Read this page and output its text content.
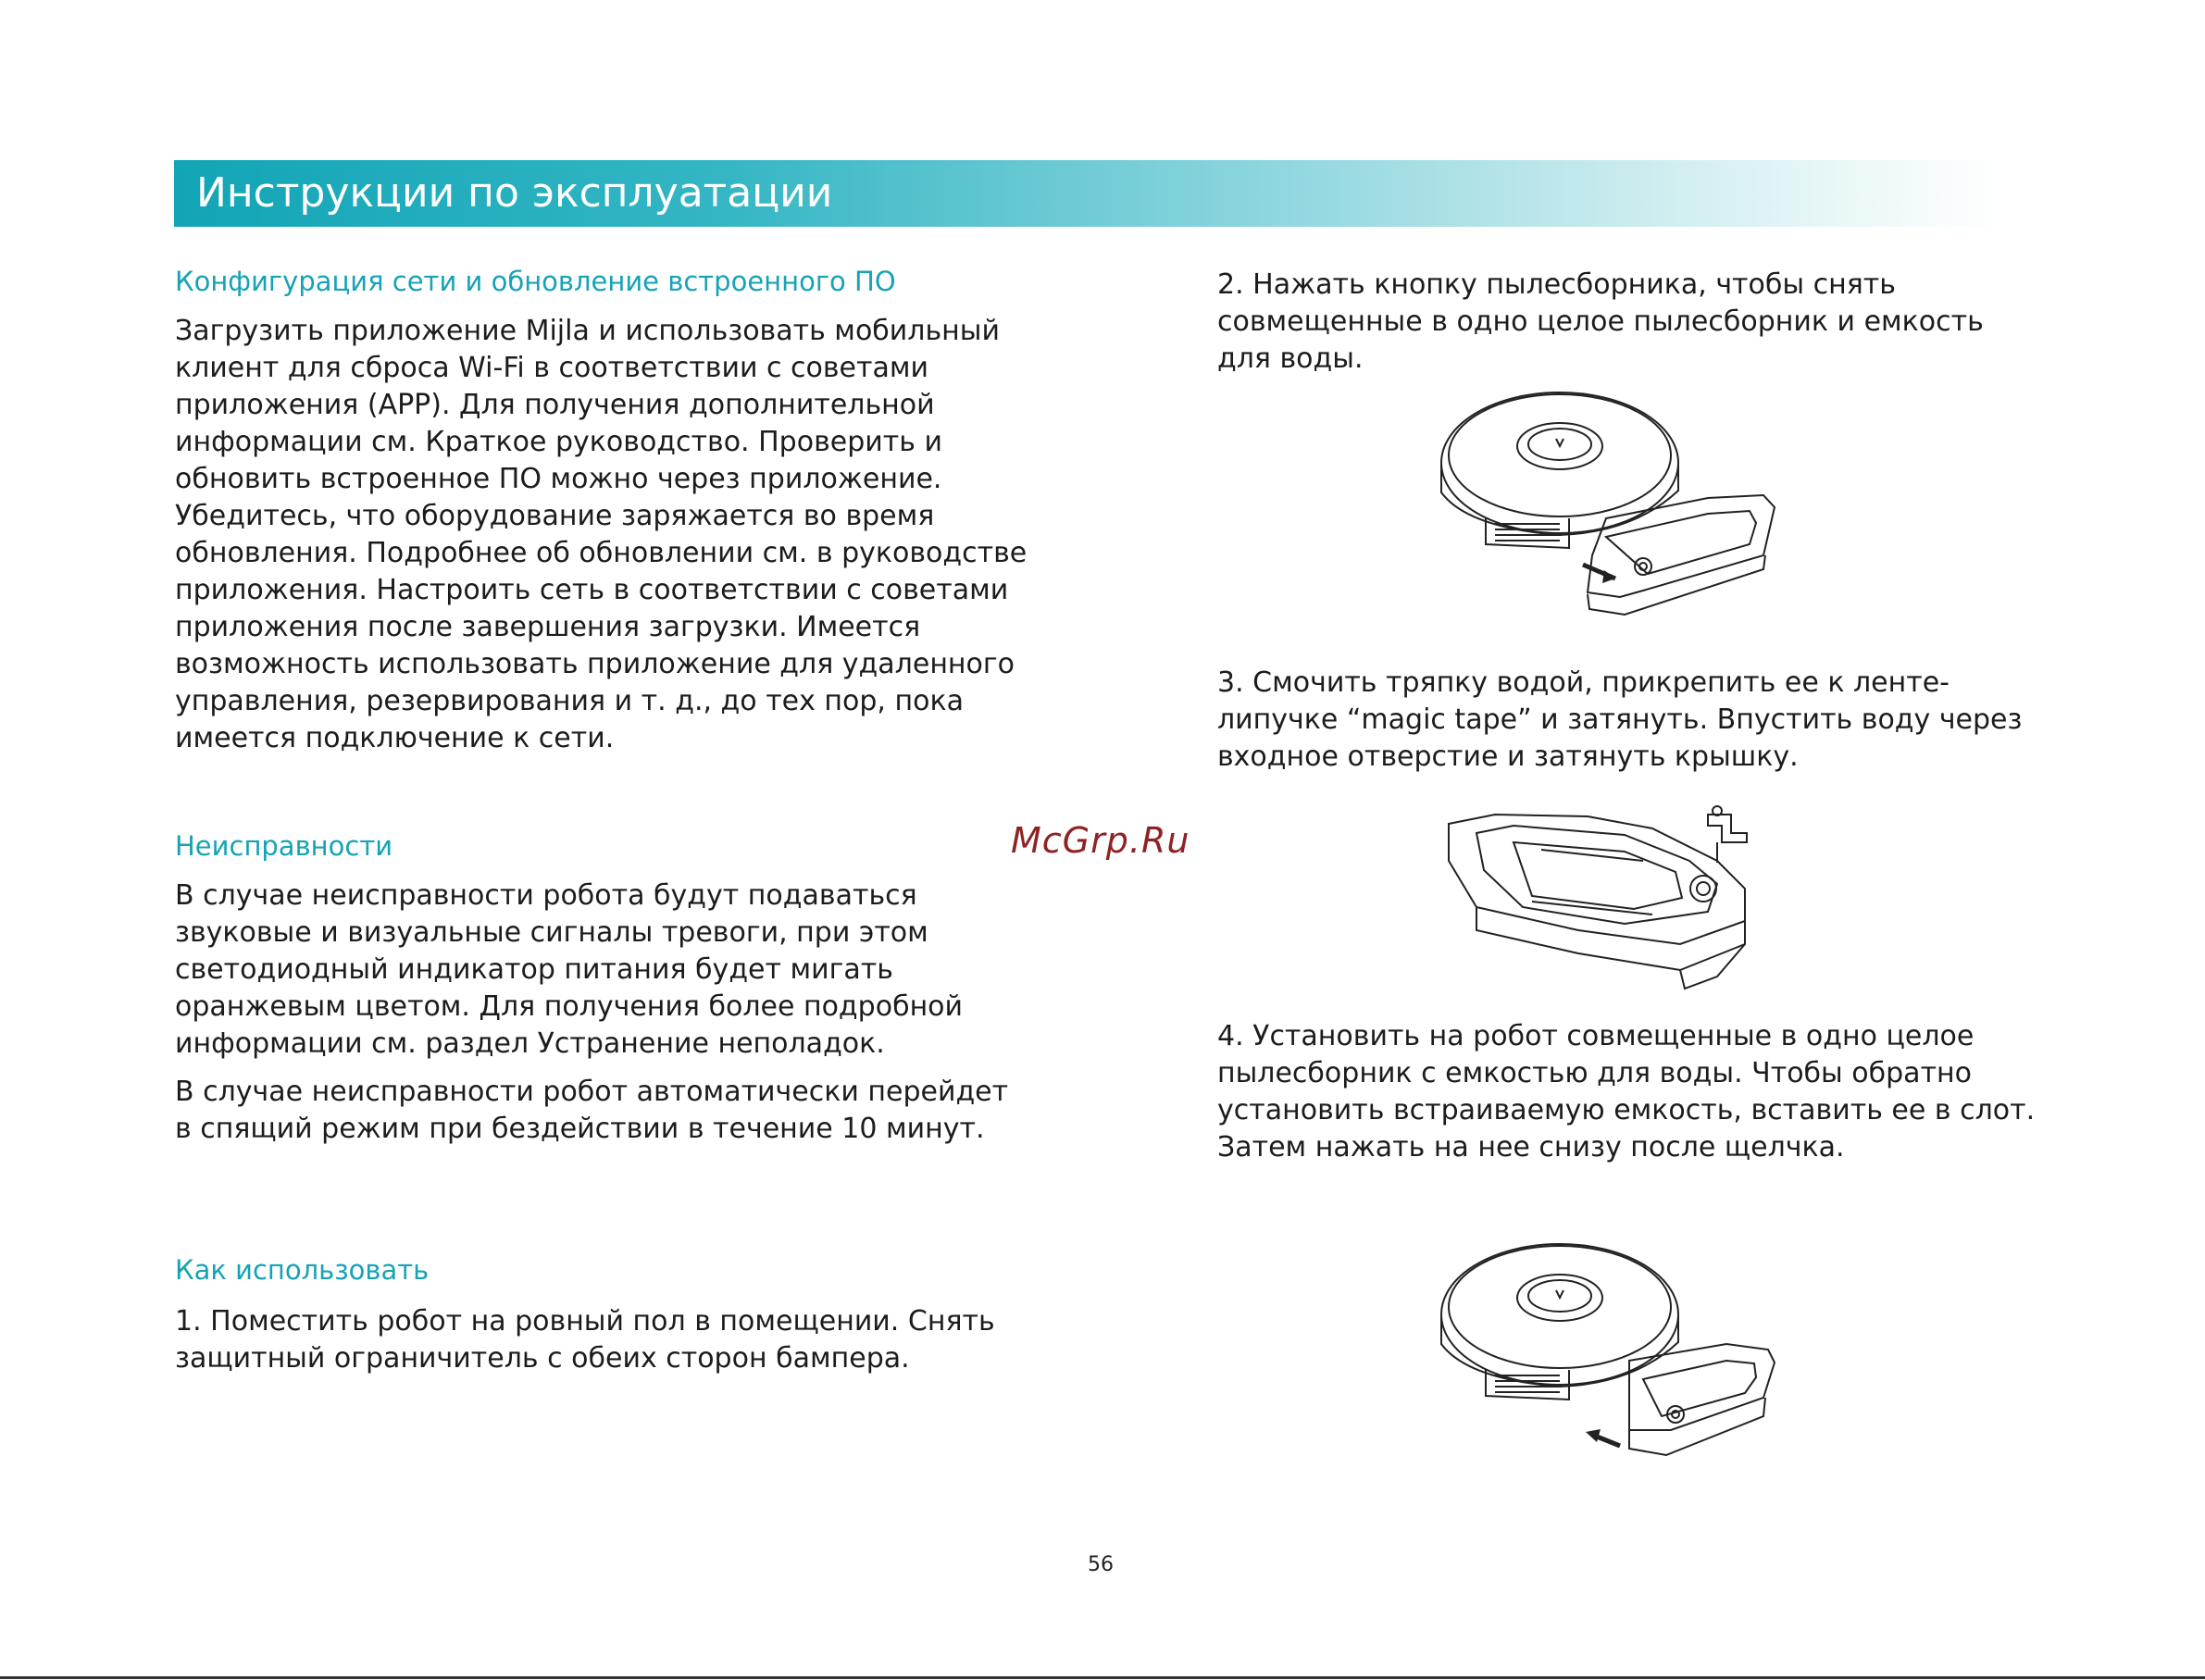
Инструкции по эксплуатации
Конфигурация сети и обновление встроенного ПО

Загрузить приложение Mijla и использовать мобильный клиент для сброса Wi-Fi в соответствии с советами приложения (APP). Для получения дополнительной информации см. Краткое руководство. Проверить и обновить встроенное ПО можно через приложение. Убедитесь, что оборудование заряжается во время обновления. Подробнее об обновлении см. в руководстве приложения. Настроить сеть в соответствии с советами приложения после завершения загрузки. Имеется возможность использовать приложение для удаленного управления, резервирования и т. д., до тех пор, пока имеется подключение к сети.

Неисправности

В случае неисправности робота будут подаваться звуковые и визуальные сигналы тревоги, при этом светодиодный индикатор питания будет мигать оранжевым цветом. Для получения более подробной информации см. раздел Устранение неполадок.

В случае неисправности робот автоматически перейдет в спящий режим при бездействии в течение 10 минут.

Как использовать

1. Поместить робот на ровный пол в помещении. Снять защитный ограничитель с обеих сторон бампера.

2. Нажать кнопку пылесборника, чтобы снять совмещенные в одно целое пылесборник и емкость для воды.

3. Смочить тряпку водой, прикрепить ее к ленте-липучке “magic tape” и затянуть. Впустить воду через входное отверстие и затянуть крышку.

4. Установить на робот совмещенные в одно целое пылесборник с емкостью для воды. Чтобы обратно установить встраиваемую емкость, вставить ее в слот. Затем нажать на нее снизу после щелчка.

McGrp.Ru
56
